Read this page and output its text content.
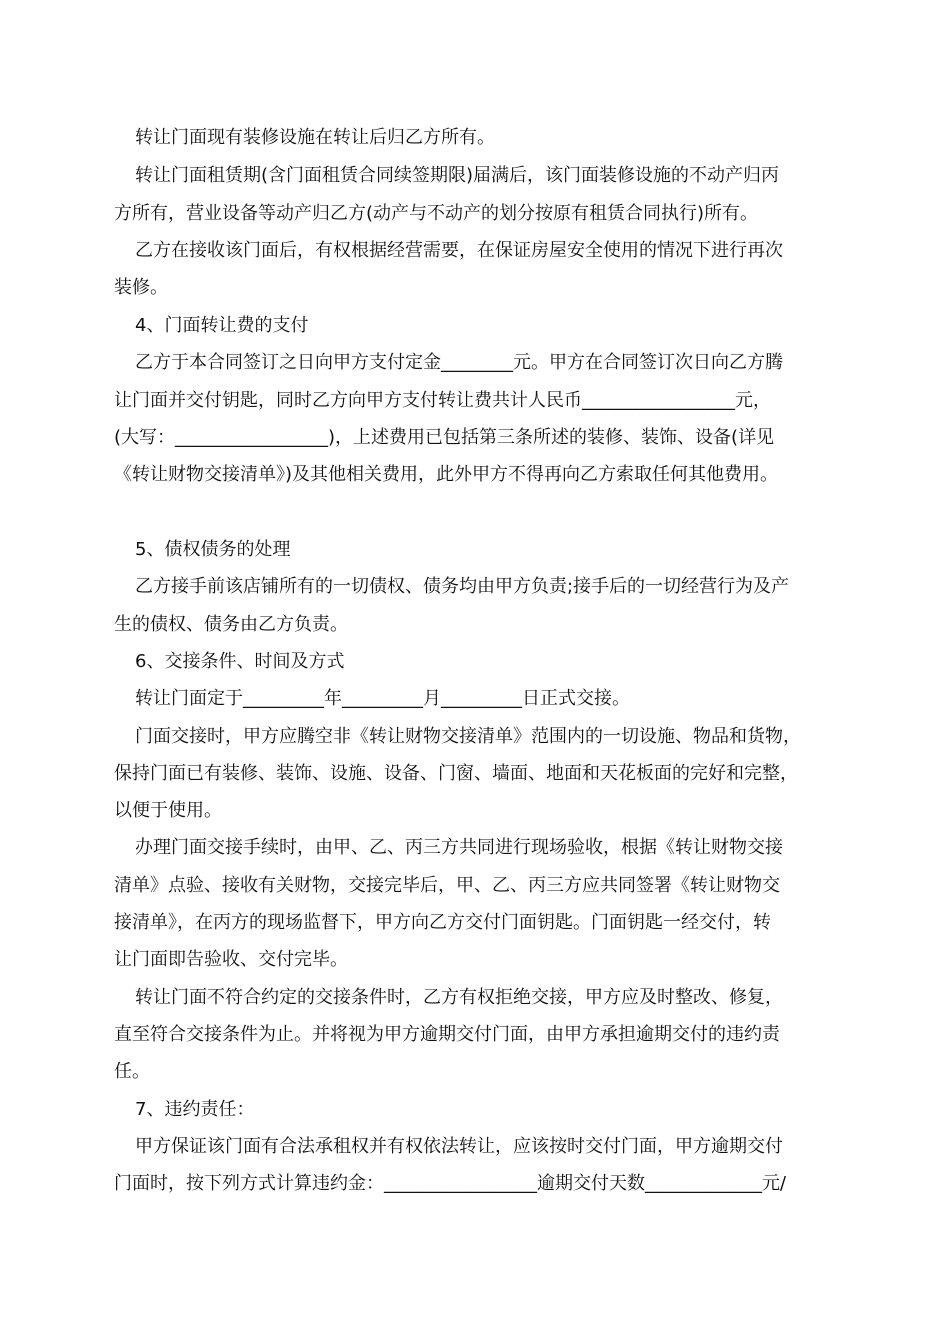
转让门面现有装修设施在转让后归乙方所有。

转让门面租赁期(含门面租赁合同续签期限)届满后，该门面装修设施的不动产归丙

方所有，营业设备等动产归乙方(动产与不动产的划分按原有租赁合同执行)所有。

乙方在接收该门面后，有权根据经营需要，在保证房屋安全使用的情况下进行再次

装修。

4、门面转让费的支付

乙方于本合同签订之日向甲方支付定金________元。甲方在合同签订次日向乙方腾

让门面并交付钥匙，同时乙方向甲方支付转让费共计人民币_________________元，

(大写：_________________)，上述费用已包括第三条所述的装修、装饰、设备(详见

《转让财物交接清单》)及其他相关费用，此外甲方不得再向乙方索取任何其他费用。

5、债权债务的处理

乙方接手前该店铺所有的一切债权、债务均由甲方负责;接手后的一切经营行为及产

生的债权、债务由乙方负责。

6、交接条件、时间及方式

转让门面定于_________年_________月_________日正式交接。

门面交接时，甲方应腾空非《转让财物交接清单》范围内的一切设施、物品和货物，

保持门面已有装修、装饰、设施、设备、门窗、墙面、地面和天花板面的完好和完整，

以便于使用。

办理门面交接手续时，由甲、乙、丙三方共同进行现场验收，根据《转让财物交接

清单》点验、接收有关财物，交接完毕后，甲、乙、丙三方应共同签署《转让财物交

接清单》，在丙方的现场监督下，甲方向乙方交付门面钥匙。门面钥匙一经交付，转

让门面即告验收、交付完毕。

转让门面不符合约定的交接条件时，乙方有权拒绝交接，甲方应及时整改、修复，

直至符合交接条件为止。并将视为甲方逾期交付门面，由甲方承担逾期交付的违约责

任。

7、违约责任：

甲方保证该门面有合法承租权并有权依法转让，应该按时交付门面，甲方逾期交付

门面时，按下列方式计算违约金：_________________逾期交付天数_____________元/
